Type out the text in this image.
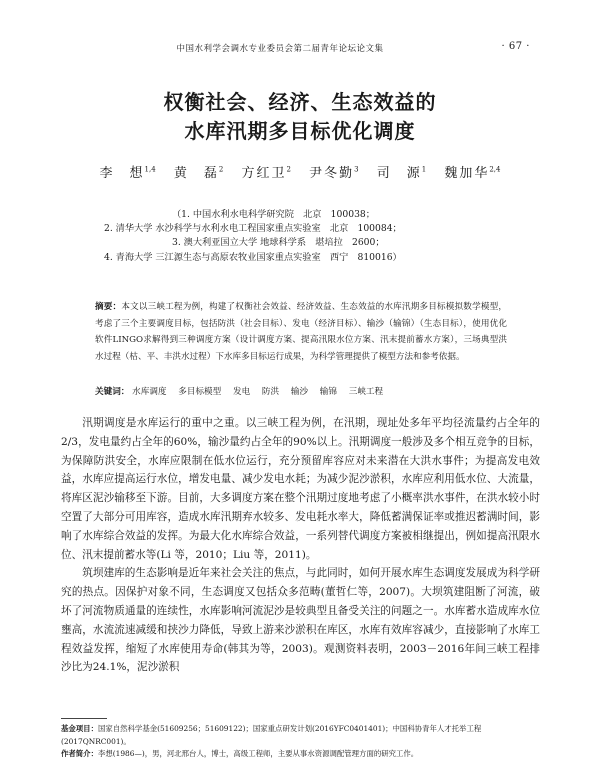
中国水利学会调水专业委员会第二届青年论坛论文集	· 67 ·
权衡社会、经济、生态效益的
水库汛期多目标优化调度
李　想$^{1,4}$ 黄　磊$^2$ 方红卫$^2$ 尹冬勤$^3$ 司　源$^1$ 魏加华$^{2,4}$
（1. 中国水利水电科学研究院　北京　100038；
2. 清华大学 水沙科学与水利水电工程国家重点实验室　北京　100084；
3. 澳大利亚国立大学 地球科学系　堪培拉　2600；
4. 青海大学 三江源生态与高原农牧业国家重点实验室　西宁　810016）
摘要：本文以三峡工程为例，构建了权衡社会效益、经济效益、生态效益的水库汛期多目标模拟数学模型，考虑了三个主要调度目标，包括防洪（社会目标）、发电（经济目标）、输沙（输锦）（生态目标），使用优化软件LINGO求解得到三种调度方案（设计调度方案、提高汛限水位方案、汛末提前蓄水方案），三场典型洪水过程（枯、平、丰洪水过程）下水库多目标运行成果，为科学管理提供了模型方法和参考依据。
关键词： 水库调度 多目标模型 发电 防洪 输沙 输锦 三峡工程

汛期调度是水库运行的重中之重。以三峡工程为例，在汛期，现址处多年平均径流量约占全年的2/3，发电量约占全年的60%，输沙量约占全年的90%以上。汛期调度一般涉及多个相互竞争的目标，为保障防洪安全，水库应限制在低水位运行，充分预留库容应对未来潜在大洪水事件；为提高发电效益，水库应提高运行水位，增发电量、减少发电水耗；为减少泥沙淤积，水库应利用低水位、大流量，将库区泥沙输移至下游。目前，大多调度方案在整个汛期过度地考虑了小概率洪水事件，在洪水较小时空置了大部分可用库容，造成水库汛期弃水较多、发电耗水率大，降低蓄满保证率或推迟蓄满时间，影响了水库综合效益的发挥。为最大化水库综合效益，一系列替代调度方案被相继提出，例如提高汛限水位、汛末提前蓄水等(Li 等，2010；Liu 等，2011)。

筑坝建库的生态影响是近年来社会关注的焦点，与此同时，如何开展水库生态调度发展成为科学研究的热点。因保护对象不同，生态调度又包括众多范畴(董哲仁等，2007)。大坝筑建阻断了河流，破坏了河流物质通量的连续性，水库影响河流泥沙是较典型且备受关注的问题之一。水库蓄水造成库水位壅高，水流流速减缓和挟沙力降低，导致上游来沙淤积在库区，水库有效库容减少，直接影响了水库工程效益发挥，缩短了水库使用寿命(韩其为等，2003)。观测资料表明，2003－2016年间三峡工程排沙比为24.1%，泥沙淤积

基金项目：国家自然科学基金(51609256；51609122)；国家重点研发计划(2016YFC0401401)；中国科协青年人才托举工程(2017QNRC001)。
作者简介：李想(1986—)，男，河北邢台人，博士，高级工程师，主要从事水资源调配管理方面的研究工作。
